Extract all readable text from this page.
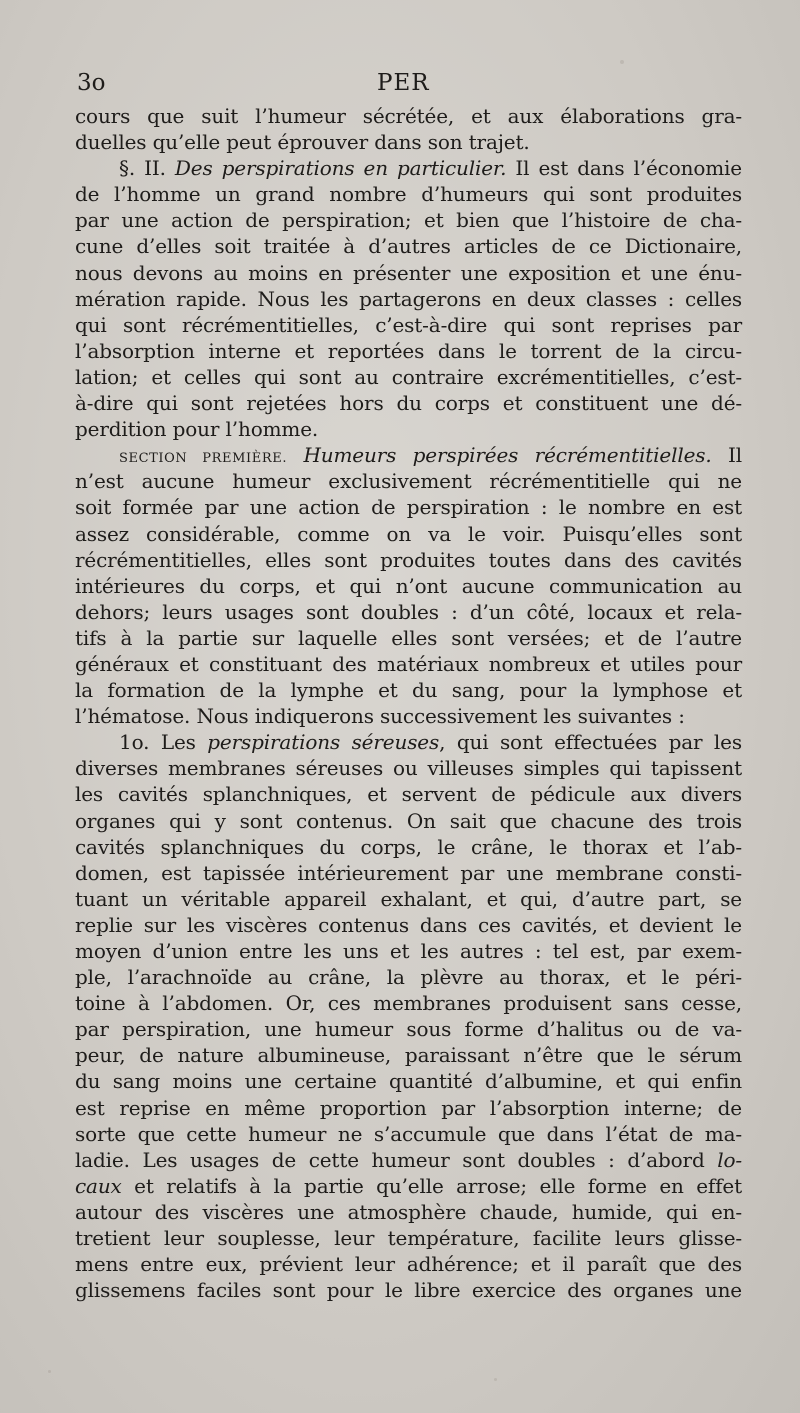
3o	PER
cours que suit l’humeur sécrétée, et aux élaborations gra-
duelles qu’elle peut éprouver dans son trajet.
§. II. Des perspirations en particulier. Il est dans l’économie
de l’homme un grand nombre d’humeurs qui sont produites
par une action de perspiration; et bien que l’histoire de cha-
cune d’elles soit traitée à d’autres articles de ce Dictionaire,
nous devons au moins en présenter une exposition et une énu-
mération rapide. Nous les partagerons en deux classes : celles
qui sont récrémentitielles, c’est-à-dire qui sont reprises par
l’absorption interne et reportées dans le torrent de la circu-
lation; et celles qui sont au contraire excrémentitielles, c’est-
à-dire qui sont rejetées hors du corps et constituent une dé-
perdition pour l’homme.
SECTION PREMIÈRE. Humeurs perspirées récrémentitielles. Il
n’est aucune humeur exclusivement récrémentitielle qui ne
soit formée par une action de perspiration : le nombre en est
assez considérable, comme on va le voir. Puisqu’elles sont
récrémentitielles, elles sont produites toutes dans des cavités
intérieures du corps, et qui n’ont aucune communication au
dehors; leurs usages sont doubles : d’un côté, locaux et rela-
tifs à la partie sur laquelle elles sont versées; et de l’autre
généraux et constituant des matériaux nombreux et utiles pour
la formation de la lymphe et du sang, pour la lymphose et
l’hématose. Nous indiquerons successivement les suivantes :
1o. Les perspirations séreuses, qui sont effectuées par les
diverses membranes séreuses ou villeuses simples qui tapissent
les cavités splanchniques, et servent de pédicule aux divers
organes qui y sont contenus. On sait que chacune des trois
cavités splanchniques du corps, le crâne, le thorax et l’ab-
domen, est tapissée intérieurement par une membrane consti-
tuant un véritable appareil exhalant, et qui, d’autre part, se
replie sur les viscères contenus dans ces cavités, et devient le
moyen d’union entre les uns et les autres : tel est, par exem-
ple, l’arachnoïde au crâne, la plèvre au thorax, et le péri-
toine à l’abdomen. Or, ces membranes produisent sans cesse,
par perspiration, une humeur sous forme d’halitus ou de va-
peur, de nature albumineuse, paraissant n’être que le sérum
du sang moins une certaine quantité d’albumine, et qui enfin
est reprise en même proportion par l’absorption interne; de
sorte que cette humeur ne s’accumule que dans l’état de ma-
ladie. Les usages de cette humeur sont doubles : d’abord lo-
caux et relatifs à la partie qu’elle arrose; elle forme en effet
autour des viscères une atmosphère chaude, humide, qui en-
tretient leur souplesse, leur température, facilite leurs glisse-
mens entre eux, prévient leur adhérence; et il paraît que des
glissemens faciles sont pour le libre exercice des organes une
